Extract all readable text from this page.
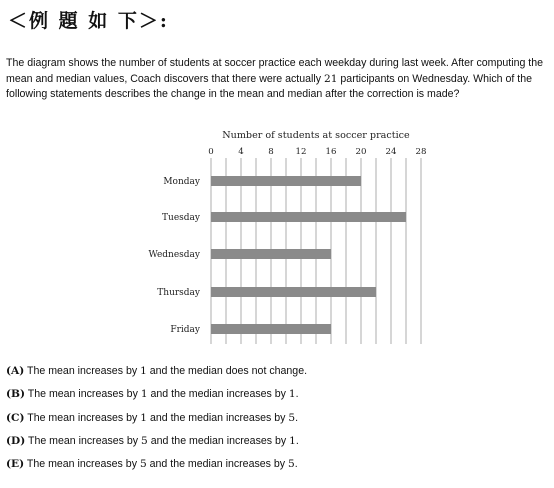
＜例 題 如 下＞:

The diagram shows the number of students at soccer practice each weekday during last week. After computing the mean and median values, Coach discovers that there were actually 21 participants on Wednesday. Which of the following statements describes the change in the mean and median after the correction is made?

Number of students at soccer practice
0	4	8	12 16 20 24 28
Monday
Tuesday
Wednesday
Thursday
Friday
(A) The mean increases by 1 and the median does not change.
(B) The mean increases by 1 and the median increases by 1.
(C) The mean increases by 1 and the median increases by 5.
(D) The mean increases by 5 and the median increases by 1.
(E) The mean increases by 5 and the median increases by 5.
